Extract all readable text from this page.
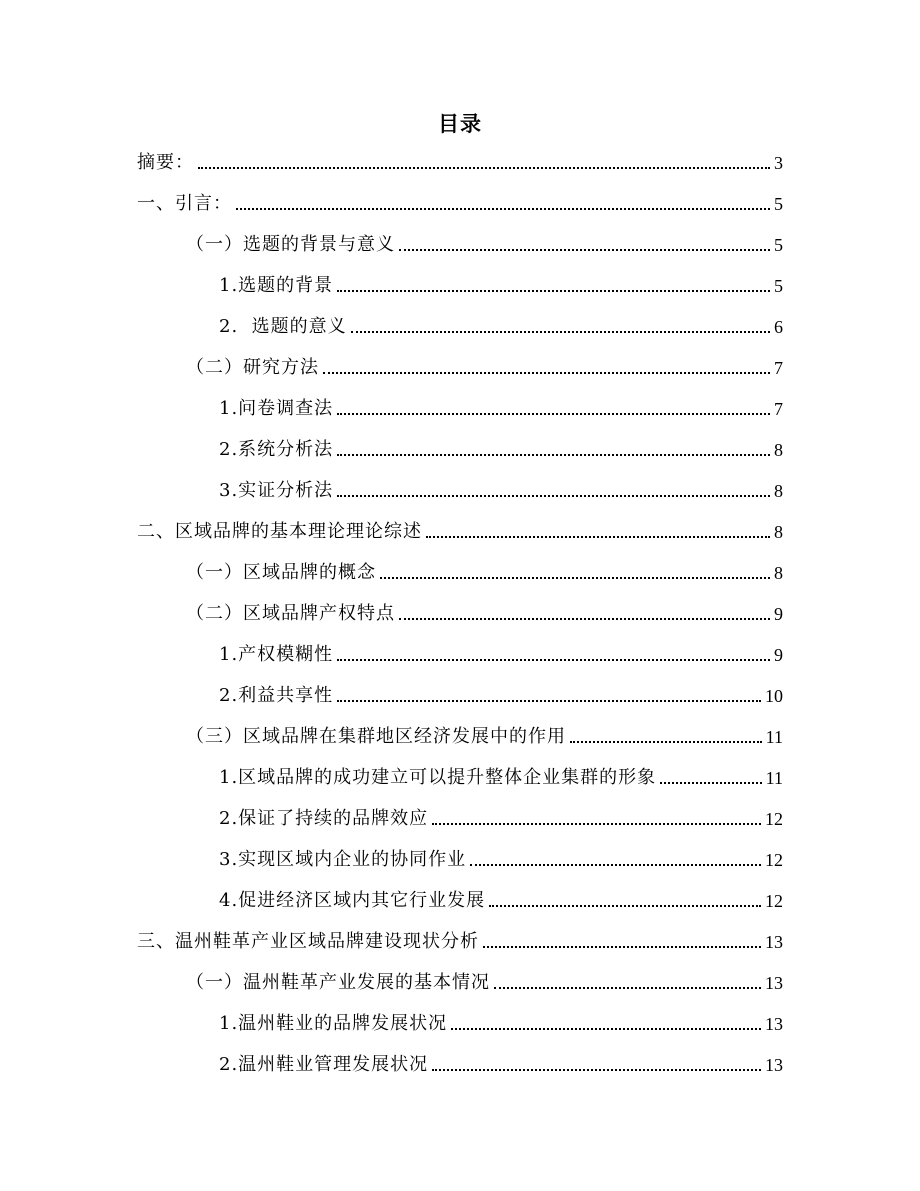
目录
摘要：	3
一、引言：	5
（一）选题的背景与意义	5
1.选题的背景	5
2.  选题的意义	6
（二）研究方法	7
1.问卷调查法	7
2.系统分析法	8
3.实证分析法	8
二、区域品牌的基本理论理论综述	8
（一）区域品牌的概念	8
（二）区域品牌产权特点	9
1.产权模糊性	9
2.利益共享性	10
（三）区域品牌在集群地区经济发展中的作用	11
1.区域品牌的成功建立可以提升整体企业集群的形象	11
2.保证了持续的品牌效应	12
3.实现区域内企业的协同作业	12
4.促进经济区域内其它行业发展	12
三、温州鞋革产业区域品牌建设现状分析	13
（一）温州鞋革产业发展的基本情况	13
1.温州鞋业的品牌发展状况	13
2.温州鞋业管理发展状况	13
